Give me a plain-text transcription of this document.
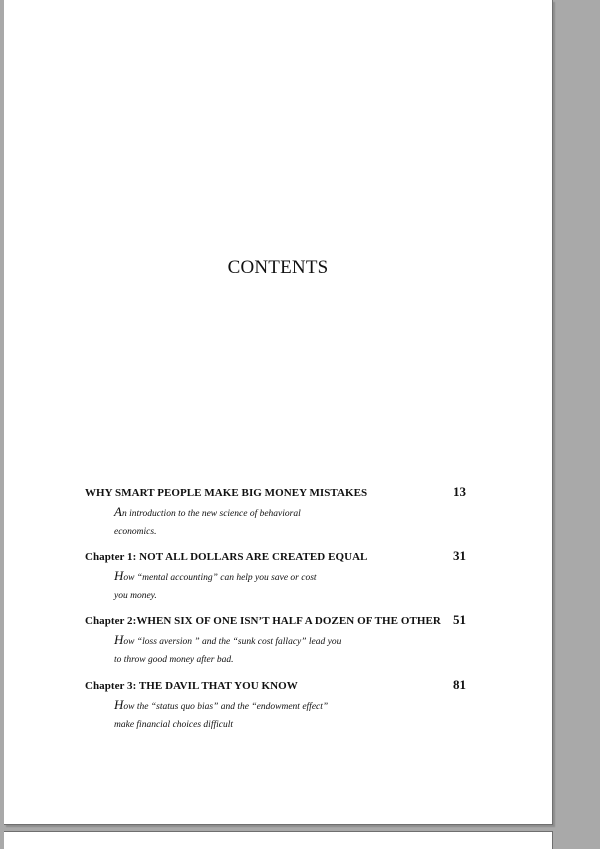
CONTENTS
WHY SMART PEOPLE MAKE BIG MONEY MISTAKES	13
An introduction to the new science of behavioral
economics.
Chapter 1: NOT ALL DOLLARS ARE CREATED EQUAL	31
How “mental accounting” can help you save or cost
you money.
Chapter 2:WHEN SIX OF ONE ISN’T HALF A DOZEN OF THE OTHER 51
How “loss aversion ” and the “sunk cost fallacy” lead you
to throw good money after bad.
Chapter 3: THE DAVIL THAT YOU KNOW	81
How the “status quo bias” and the “endowment effect”
make financial choices difficult
